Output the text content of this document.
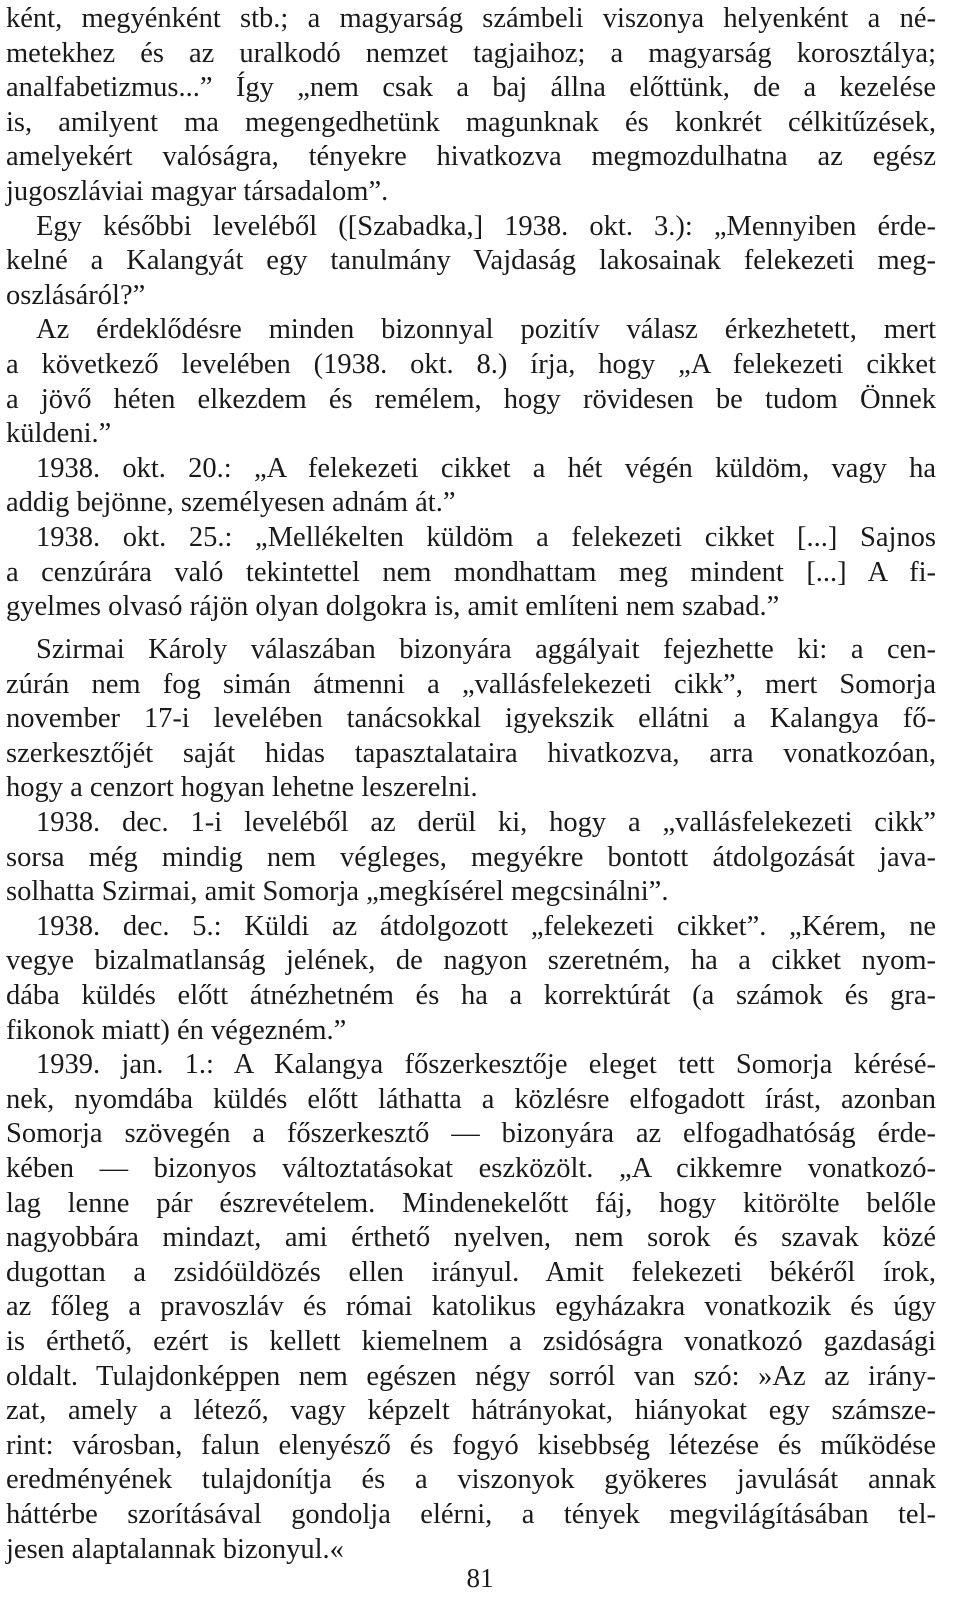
ként, megyénként stb.; a magyarság számbeli viszonya helyenként a né-
metekhez és az uralkodó nemzet tagjaihoz; a magyarság korosztálya;
analfabetizmus...” Így „nem csak a baj állna előttünk, de a kezelése
is, amilyent ma megengedhetünk magunknak és konkrét célkitűzések,
amelyekért valóságra, tényekre hivatkozva megmozdulhatna az egész
jugoszláviai magyar társadalom”.
Egy későbbi leveléből ([Szabadka,] 1938. okt. 3.): „Mennyiben érde-
kelné a Kalangyát egy tanulmány Vajdaság lakosainak felekezeti meg-
oszlásáról?”
Az érdeklődésre minden bizonnyal pozitív válasz érkezhetett, mert
a következő levelében (1938. okt. 8.) írja, hogy „A felekezeti cikket
a jövő héten elkezdem és remélem, hogy rövidesen be tudom Önnek
küldeni.”
1938. okt. 20.: „A felekezeti cikket a hét végén küldöm, vagy ha
addig bejönne, személyesen adnám át.”
1938. okt. 25.: „Mellékelten küldöm a felekezeti cikket [...] Sajnos
a cenzúrára való tekintettel nem mondhattam meg mindent [...] A fi-
gyelmes olvasó rájön olyan dolgokra is, amit említeni nem szabad.”
Szirmai Károly válaszában bizonyára aggályait fejezhette ki: a cen-
zúrán nem fog simán átmenni a „vallásfelekezeti cikk”, mert Somorja
november 17-i levelében tanácsokkal igyekszik ellátni a Kalangya fő-
szerkesztőjét saját hidas tapasztalataira hivatkozva, arra vonatkozóan,
hogy a cenzort hogyan lehetne leszerelni.
1938. dec. 1-i leveléből az derül ki, hogy a „vallásfelekezeti cikk”
sorsa még mindig nem végleges, megyékre bontott átdolgozását java-
solhatta Szirmai, amit Somorja „megkísérel megcsinálni”.
1938. dec. 5.: Küldi az átdolgozott „felekezeti cikket”. „Kérem, ne
vegye bizalmatlanság jelének, de nagyon szeretném, ha a cikket nyom-
dába küldés előtt átnézhetném és ha a korrektúrát (a számok és gra-
fikonok miatt) én végezném.”
1939. jan. 1.: A Kalangya főszerkesztője eleget tett Somorja kérésé-
nek, nyomdába küldés előtt láthatta a közlésre elfogadott írást, azonban
Somorja szövegén a főszerkesztő — bizonyára az elfogadhatóság érde-
kében — bizonyos változtatásokat eszközölt. „A cikkemre vonatkozó-
lag lenne pár észrevételem. Mindenekelőtt fáj, hogy kitörölte belőle
nagyobbára mindazt, ami érthető nyelven, nem sorok és szavak közé
dugottan a zsidóüldözés ellen irányul. Amit felekezeti békéről írok,
az főleg a pravoszláv és római katolikus egyházakra vonatkozik és úgy
is érthető, ezért is kellett kiemelnem a zsidóságra vonatkozó gazdasági
oldalt. Tulajdonképpen nem egészen négy sorról van szó: »Az az irány-
zat, amely a létező, vagy képzelt hátrányokat, hiányokat egy számsze-
rint: városban, falun elenyésző és fogyó kisebbség létezése és működése
eredményének tulajdonítja és a viszonyok gyökeres javulását annak
háttérbe szorításával gondolja elérni, a tények megvilágításában tel-
jesen alaptalannak bizonyul.«
81
